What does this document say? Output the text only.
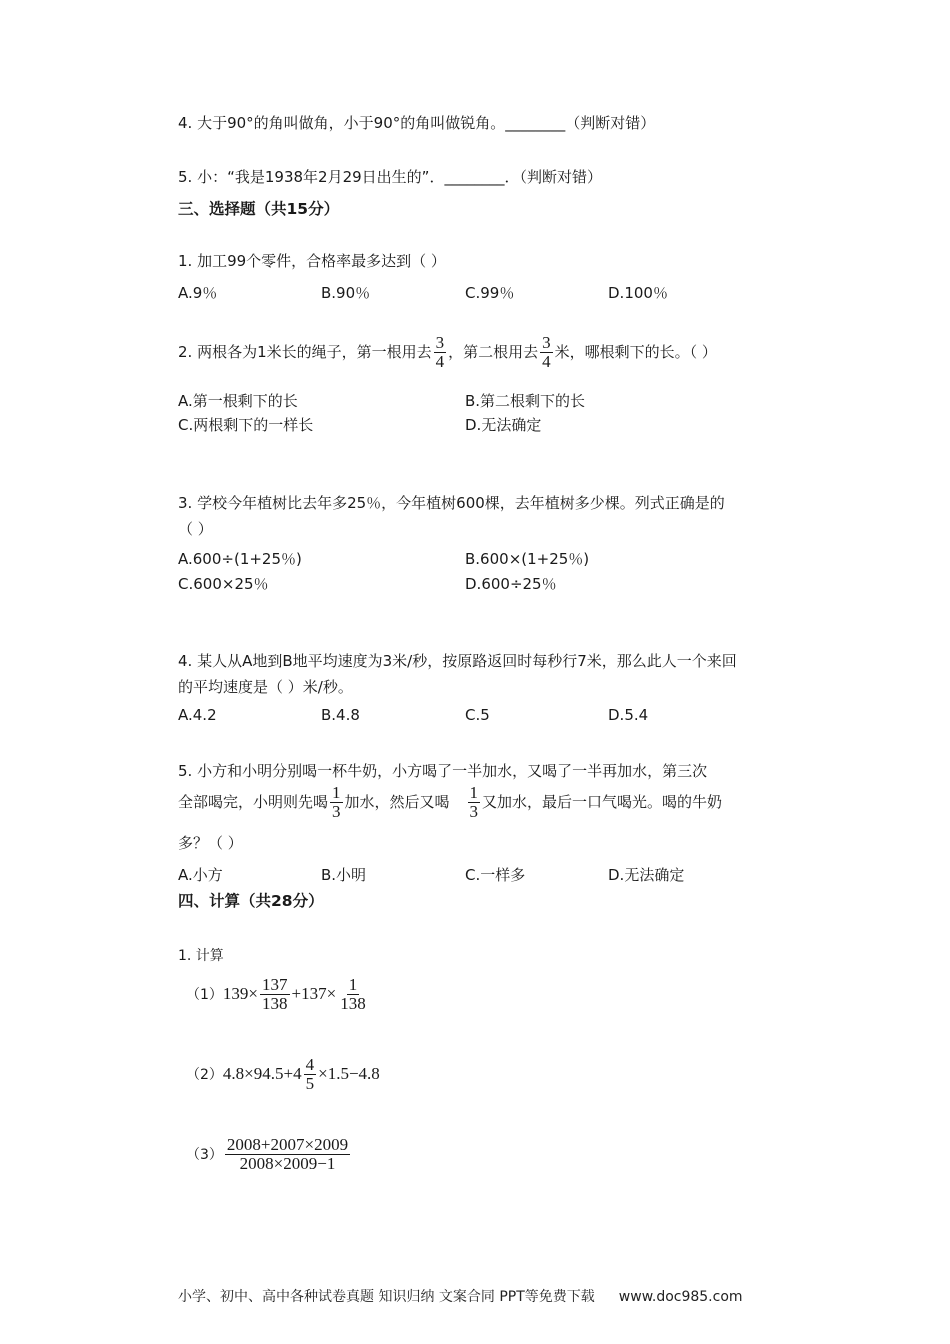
4. 大于90°的角叫做角，小于90°的角叫做锐角。________（判断对错）
5. 小：“我是1938年2月29日出生的”．________．（判断对错）
三、选择题（共15分）
1. 加工99个零件，合格率最多达到（ ）
A.9％	B.90％	C.99％	D.100％
2. 两根各为1米长的绳子，第一根用去 $\frac{3}{4}$ ，第二根用去 $\frac{3}{4}$ 米，哪根剩下的长。（ ）
A.第一根剩下的长	B.第二根剩下的长
C.两根剩下的一样长	D.无法确定
3. 学校今年植树比去年多25％，今年植树600棵，去年植树多少棵。列式正确是的
（ ）
A.600÷(1+25％)	B.600×(1+25％)
C.600×25％	D.600÷25％
4. 某人从A地到B地平均速度为3米/秒，按原路返回时每秒行7米，那么此人一个来回
的平均速度是（ ）米/秒。
A.4.2	B.4.8	C.5	D.5.4
5. 小方和小明分别喝一杯牛奶，小方喝了一半加水，又喝了一半再加水，第三次
全部喝完，小明则先喝 $\frac{1}{3}$ 加水，然后又喝 $\frac{1}{3}$ 又加水，最后一口气喝光。喝的牛奶
多？（ ）
A.小方	B.小明	C.一样多	D.无法确定
四、计算（共28分）
1. 计算
$(1)139\times \frac{137}{138} +137\times \frac{1}{138}$
$(2)4.8\times 94.5+4 \frac{4}{5} \times 1.5-4.8$
$(3) \frac{2008+2007\times 2009}{2008\times 2009-1}$
小学、初中、高中各种试卷真题 知识归纳 文案合同 PPT等免费下载 www.doc985.com
